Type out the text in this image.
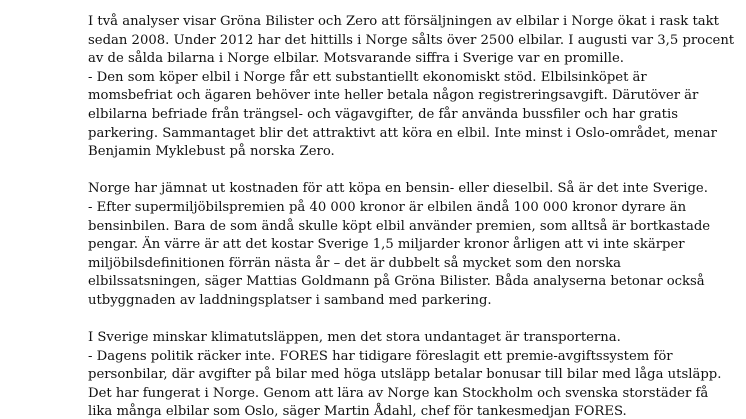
I två analyser visar Gröna Bilister och Zero att försäljningen av elbilar i Norge ökat i rask takt
sedan 2008. Under 2012 har det hittills i Norge sålts över 2500 elbilar. I augusti var 3,5 procent
av de sålda bilarna i Norge elbilar. Motsvarande siffra i Sverige var en promille.
- Den som köper elbil i Norge får ett substantiellt ekonomiskt stöd. Elbilsinköpet är
momsbefriat och ägaren behöver inte heller betala någon registreringsavgift. Därutöver är
elbilarna befriade från trängsel- och vägavgifter, de får använda bussfiler och har gratis
parkering. Sammantaget blir det attraktivt att köra en elbil. Inte minst i Oslo-området, menar
Benjamin Myklebust på norska Zero.

Norge har jämnat ut kostnaden för att köpa en bensin- eller dieselbil. Så är det inte Sverige.
- Efter supermiljöbilspremien på 40 000 kronor är elbilen ändå 100 000 kronor dyrare än
bensinbilen. Bara de som ändå skulle köpt elbil använder premien, som alltså är bortkastade
pengar. Än värre är att det kostar Sverige 1,5 miljarder kronor årligen att vi inte skärper
miljöbilsdefinitionen förrän nästa år – det är dubbelt så mycket som den norska
elbilssatsningen, säger Mattias Goldmann på Gröna Bilister. Båda analyserna betonar också
utbyggnaden av laddningsplatser i samband med parkering.

I Sverige minskar klimatutsläppen, men det stora undantaget är transporterna.
- Dagens politik räcker inte. FORES har tidigare föreslagit ett premie-avgiftssystem för
personbilar, där avgifter på bilar med höga utsläpp betalar bonusar till bilar med låga utsläpp.
Det har fungerat i Norge. Genom att lära av Norge kan Stockholm och svenska storstäder få
lika många elbilar som Oslo, säger Martin Ådahl, chef för tankesmedjan FORES.
